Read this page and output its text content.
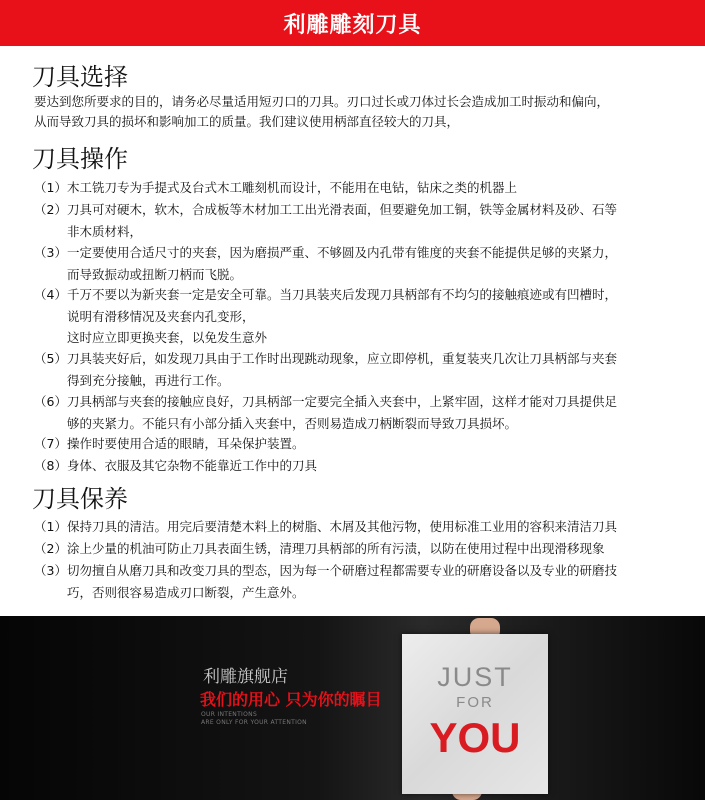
利雕雕刻刀具
刀具选择
要达到您所要求的目的，请务必尽量适用短刃口的刀具。刃口过长或刀体过长会造成加工时振动和偏向，
从而导致刀具的损坏和影响加工的质量。我们建议使用柄部直径较大的刀具，
刀具操作
（1） 木工铣刀专为手提式及台式木工雕刻机而设计，不能用在电钻，钻床之类的机器上
（2） 刀具可对硬木，软木，合成板等木材加工工出光滑表面，但要避免加工铜，铁等金属材料及砂、石等
非木质材料，
（3） 一定要使用合适尺寸的夹套，因为磨损严重、不够圆及内孔带有锥度的夹套不能提供足够的夹紧力，
而导致振动或扭断刀柄而飞脱。
（4） 千万不要以为新夹套一定是安全可靠。当刀具装夹后发现刀具柄部有不均匀的接触痕迹或有凹槽时，
说明有滑移情况及夹套内孔变形，
这时应立即更换夹套，以免发生意外
（5） 刀具装夹好后，如发现刀具由于工作时出现跳动现象，应立即停机，重复装夹几次让刀具柄部与夹套
得到充分接触，再进行工作。
（6） 刀具柄部与夹套的接触应良好，刀具柄部一定要完全插入夹套中，上紧牢固，这样才能对刀具提供足
够的夹紧力。不能只有小部分插入夹套中，否则易造成刀柄断裂而导致刀具损坏。
（7） 操作时要使用合适的眼睛，耳朵保护装置。
（8） 身体、衣服及其它杂物不能靠近工作中的刀具
刀具保养
（1） 保持刀具的清洁。用完后要清楚木料上的树脂、木屑及其他污物，使用标准工业用的容积来清洁刀具
（2） 涂上少量的机油可防止刀具表面生锈，清理刀具柄部的所有污渍，以防在使用过程中出现滑移现象
（3） 切勿擅自从磨刀具和改变刀具的型态，因为每一个研磨过程都需要专业的研磨设备以及专业的研磨技
巧，否则很容易造成刃口断裂，产生意外。
利雕旗舰店
我们的用心 只为你的瞩目
OUR INTENTIONS
ARE ONLY FOR YOUR ATTENTION
JUST
FOR
YOU
